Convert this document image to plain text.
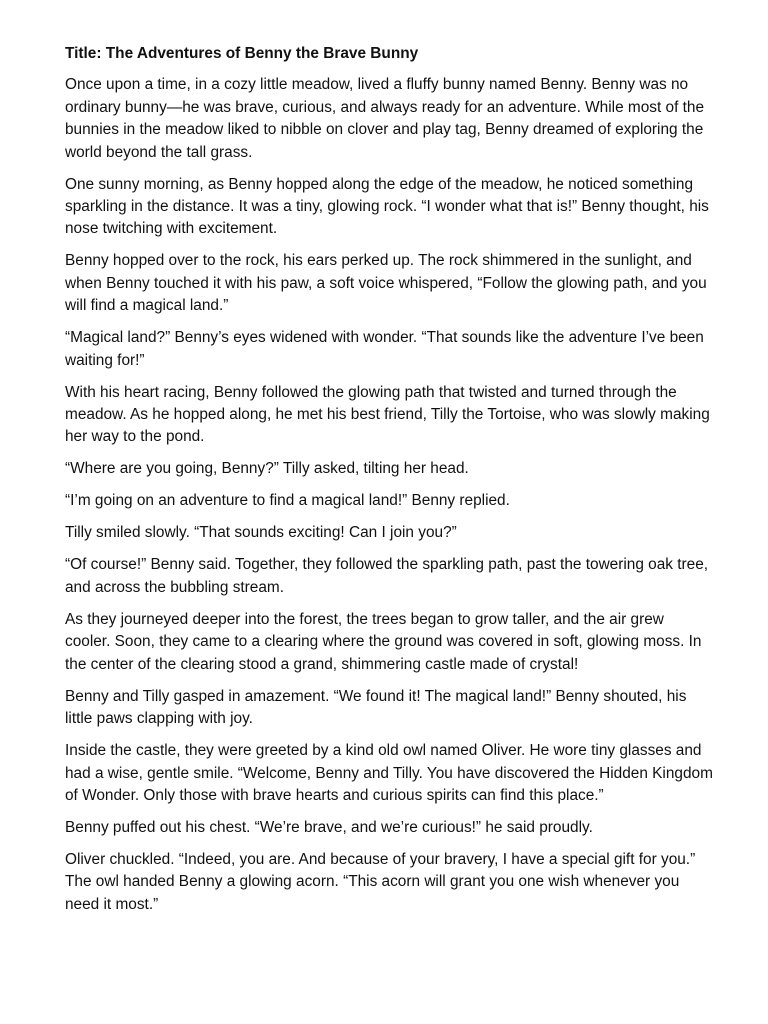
Title: The Adventures of Benny the Brave Bunny

Once upon a time, in a cozy little meadow, lived a fluffy bunny named Benny. Benny was no ordinary bunny—he was brave, curious, and always ready for an adventure. While most of the bunnies in the meadow liked to nibble on clover and play tag, Benny dreamed of exploring the world beyond the tall grass.

One sunny morning, as Benny hopped along the edge of the meadow, he noticed something sparkling in the distance. It was a tiny, glowing rock. “I wonder what that is!” Benny thought, his nose twitching with excitement.

Benny hopped over to the rock, his ears perked up. The rock shimmered in the sunlight, and when Benny touched it with his paw, a soft voice whispered, “Follow the glowing path, and you will find a magical land.”

“Magical land?” Benny’s eyes widened with wonder. “That sounds like the adventure I’ve been waiting for!”

With his heart racing, Benny followed the glowing path that twisted and turned through the meadow. As he hopped along, he met his best friend, Tilly the Tortoise, who was slowly making her way to the pond.

“Where are you going, Benny?” Tilly asked, tilting her head.

“I’m going on an adventure to find a magical land!” Benny replied.

Tilly smiled slowly. “That sounds exciting! Can I join you?”

“Of course!” Benny said. Together, they followed the sparkling path, past the towering oak tree, and across the bubbling stream.

As they journeyed deeper into the forest, the trees began to grow taller, and the air grew cooler. Soon, they came to a clearing where the ground was covered in soft, glowing moss. In the center of the clearing stood a grand, shimmering castle made of crystal!

Benny and Tilly gasped in amazement. “We found it! The magical land!” Benny shouted, his little paws clapping with joy.

Inside the castle, they were greeted by a kind old owl named Oliver. He wore tiny glasses and had a wise, gentle smile. “Welcome, Benny and Tilly. You have discovered the Hidden Kingdom of Wonder. Only those with brave hearts and curious spirits can find this place.”

Benny puffed out his chest. “We’re brave, and we’re curious!” he said proudly.

Oliver chuckled. “Indeed, you are. And because of your bravery, I have a special gift for you.” The owl handed Benny a glowing acorn. “This acorn will grant you one wish whenever you need it most.”
